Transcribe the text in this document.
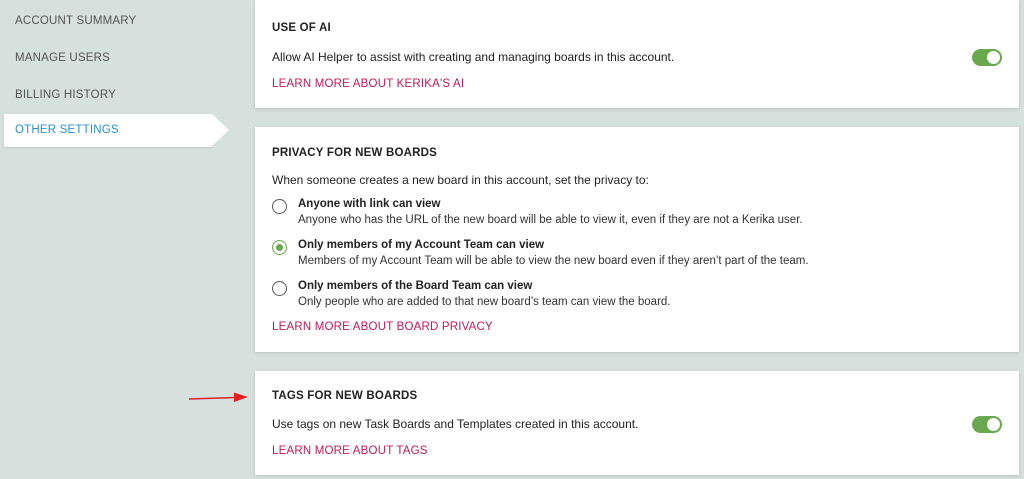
ACCOUNT SUMMARY
MANAGE USERS
BILLING HISTORY
OTHER SETTINGS
USE OF AI
Allow AI Helper to assist with creating and managing boards in this account.
LEARN MORE ABOUT KERIKA'S AI
PRIVACY FOR NEW BOARDS
When someone creates a new board in this account, set the privacy to:
Anyone with link can view
Anyone who has the URL of the new board will be able to view it, even if they are not a Kerika user.
Only members of my Account Team can view
Members of my Account Team will be able to view the new board even if they aren’t part of the team.
Only members of the Board Team can view
Only people who are added to that new board’s team can view the board.
LEARN MORE ABOUT BOARD PRIVACY
TAGS FOR NEW BOARDS
Use tags on new Task Boards and Templates created in this account.
LEARN MORE ABOUT TAGS
